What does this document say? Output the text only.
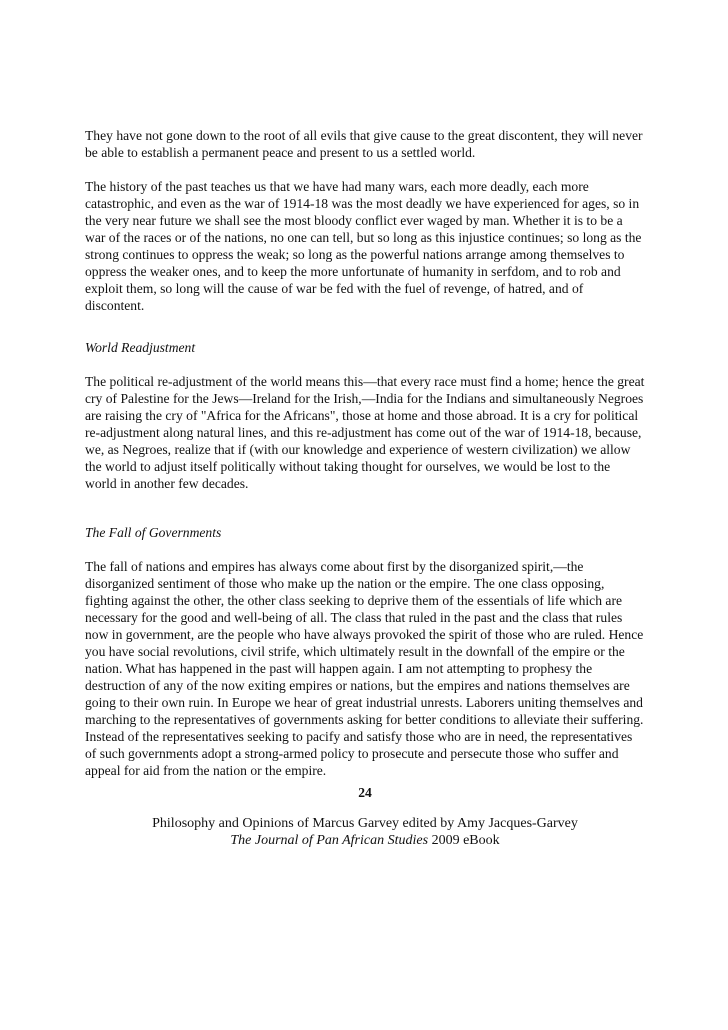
They have not gone down to the root of all evils that give cause to the great discontent, they will never be able to establish a permanent peace and present to us a settled world.

The history of the past teaches us that we have had many wars, each more deadly, each more catastrophic, and even as the war of 1914-18 was the most deadly we have experienced for ages, so in the very near future we shall see the most bloody conflict ever waged by man. Whether it is to be a war of the races or of the nations, no one can tell, but so long as this injustice continues; so long as the strong continues to oppress the weak; so long as the powerful nations arrange among themselves to oppress the weaker ones, and to keep the more unfortunate of humanity in serfdom, and to rob and exploit them, so long will the cause of war be fed with the fuel of revenge, of hatred, and of discontent.

World Readjustment

The political re-adjustment of the world means this—that every race must find a home; hence the great cry of Palestine for the Jews—Ireland for the Irish,—India for the Indians and simultaneously Negroes are raising the cry of "Africa for the Africans", those at home and those abroad. It is a cry for political re-adjustment along natural lines, and this re-adjustment has come out of the war of 1914-18, because, we, as Negroes, realize that if (with our knowledge and experience of western civilization) we allow the world to adjust itself politically without taking thought for ourselves, we would be lost to the world in another few decades.

The Fall of Governments

The fall of nations and empires has always come about first by the disorganized spirit,—the disorganized sentiment of those who make up the nation or the empire. The one class opposing, fighting against the other, the other class seeking to deprive them of the essentials of life which are necessary for the good and well-being of all. The class that ruled in the past and the class that rules now in government, are the people who have always provoked the spirit of those who are ruled. Hence you have social revolutions, civil strife, which ultimately result in the downfall of the empire or the nation. What has happened in the past will happen again. I am not attempting to prophesy the destruction of any of the now exiting empires or nations, but the empires and nations themselves are going to their own ruin. In Europe we hear of great industrial unrests. Laborers uniting themselves and marching to the representatives of governments asking for better conditions to alleviate their suffering. Instead of the representatives seeking to pacify and satisfy those who are in need, the representatives of such governments adopt a strong-armed policy to prosecute and persecute those who suffer and appeal for aid from the nation or the empire.

24

Philosophy and Opinions of Marcus Garvey edited by Amy Jacques-Garvey
The Journal of Pan African Studies 2009 eBook
